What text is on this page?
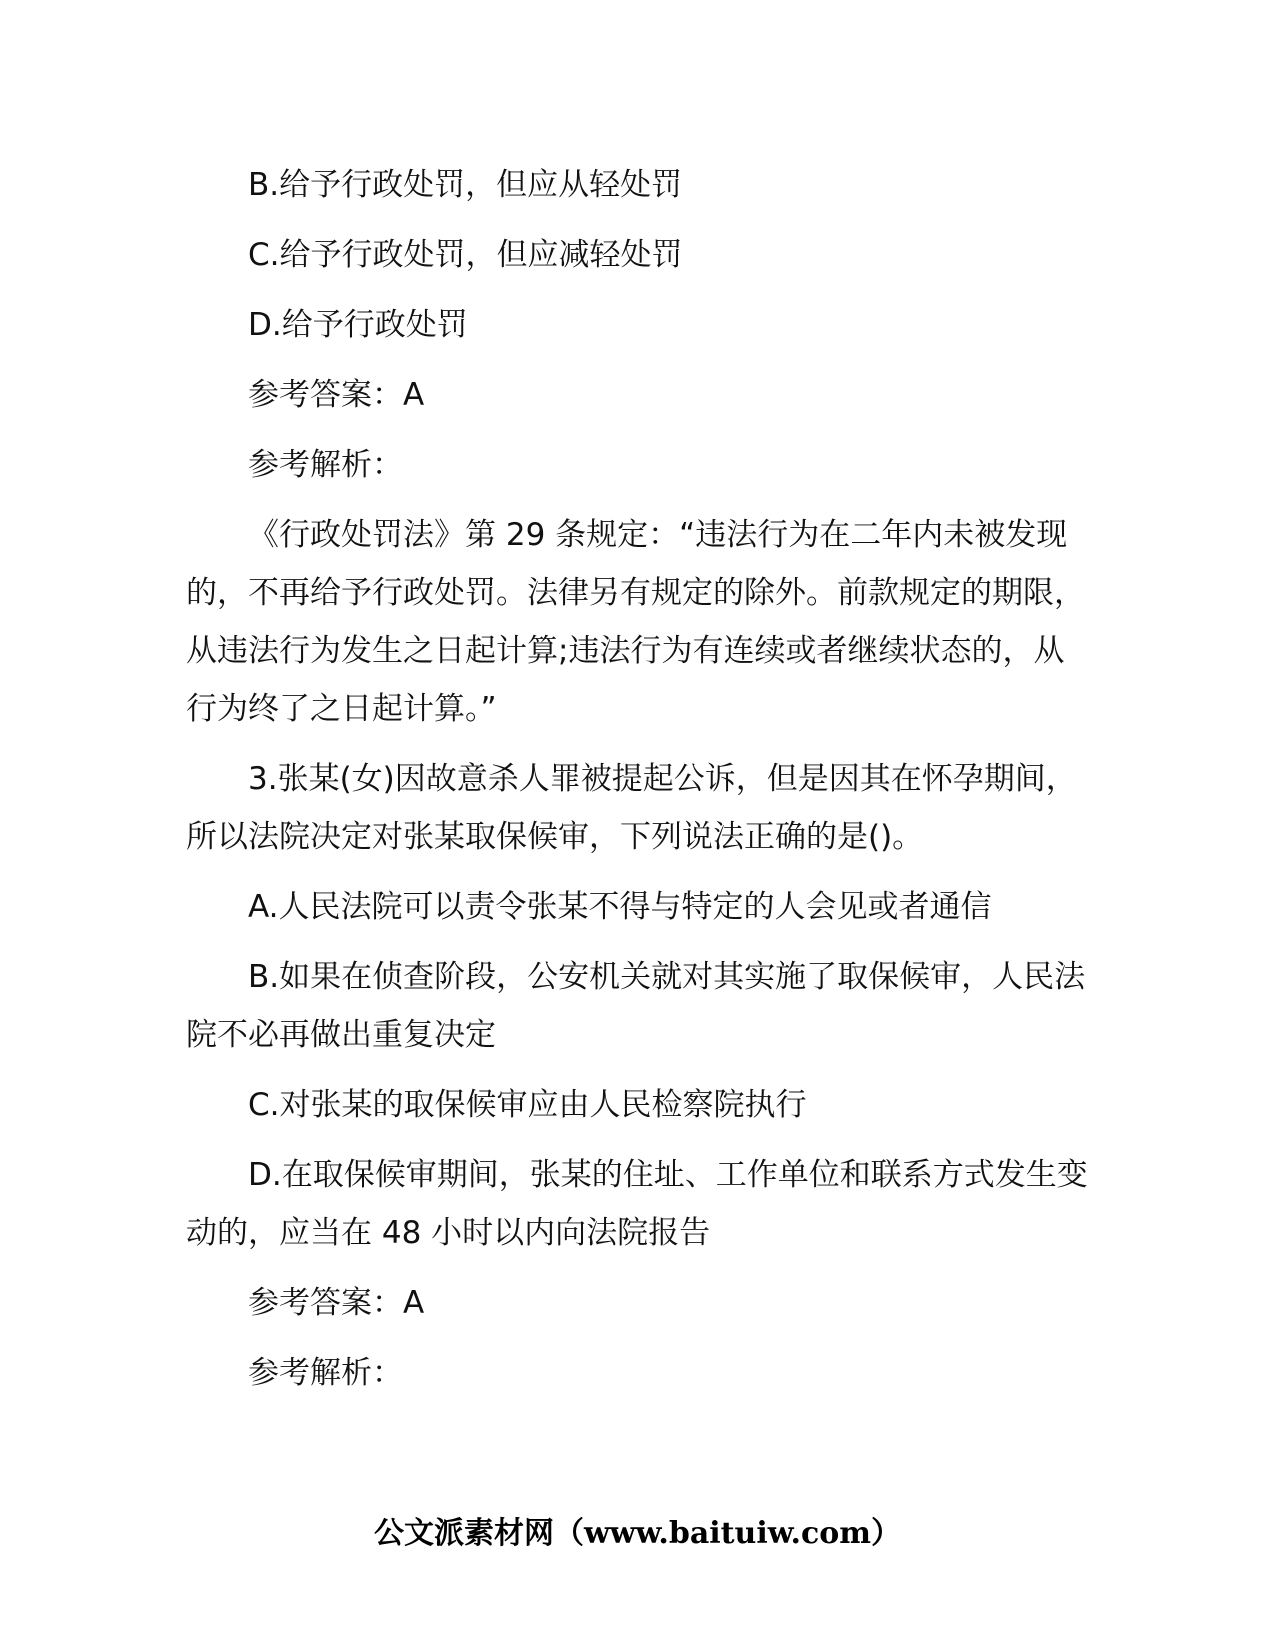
B.给予行政处罚，但应从轻处罚

C.给予行政处罚，但应减轻处罚

D.给予行政处罚

参考答案：A

参考解析：

《行政处罚法》第 29 条规定：“违法行为在二年内未被发现的，不再给予行政处罚。法律另有规定的除外。前款规定的期限，从违法行为发生之日起计算;违法行为有连续或者继续状态的，从行为终了之日起计算。”

3.张某(女)因故意杀人罪被提起公诉，但是因其在怀孕期间，所以法院决定对张某取保候审，下列说法正确的是()。

A.人民法院可以责令张某不得与特定的人会见或者通信

B.如果在侦查阶段，公安机关就对其实施了取保候审，人民法院不必再做出重复决定

C.对张某的取保候审应由人民检察院执行

D.在取保候审期间，张某的住址、工作单位和联系方式发生变动的，应当在 48 小时以内向法院报告

参考答案：A

参考解析：

公文派素材网（www.baituiw.com）
